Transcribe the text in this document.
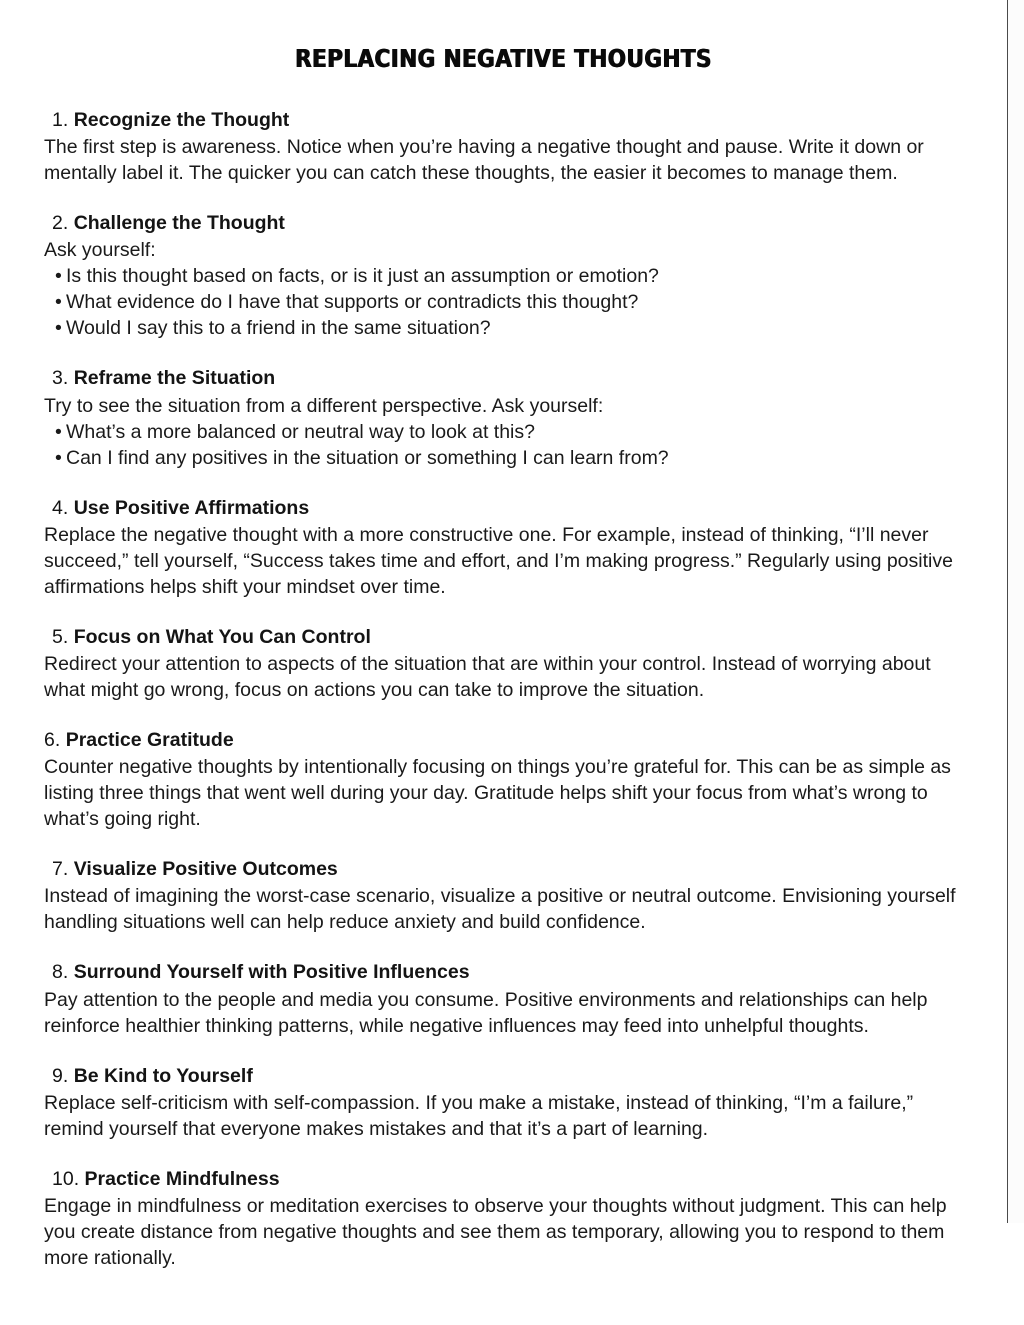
REPLACING NEGATIVE THOUGHTS
1. Recognize the Thought

The first step is awareness. Notice when you’re having a negative thought and pause. Write it down or mentally label it. The quicker you can catch these thoughts, the easier it becomes to manage them.

2. Challenge the Thought

Ask yourself:

• Is this thought based on facts, or is it just an assumption or emotion?
• What evidence do I have that supports or contradicts this thought?
• Would I say this to a friend in the same situation?
3. Reframe the Situation

Try to see the situation from a different perspective. Ask yourself:

• What’s a more balanced or neutral way to look at this?
• Can I find any positives in the situation or something I can learn from?
4. Use Positive Affirmations

Replace the negative thought with a more constructive one. For example, instead of thinking, “I’ll never succeed,” tell yourself, “Success takes time and effort, and I’m making progress.” Regularly using positive affirmations helps shift your mindset over time.

5. Focus on What You Can Control

Redirect your attention to aspects of the situation that are within your control. Instead of worrying about what might go wrong, focus on actions you can take to improve the situation.

6. Practice Gratitude

Counter negative thoughts by intentionally focusing on things you’re grateful for. This can be as simple as listing three things that went well during your day. Gratitude helps shift your focus from what’s wrong to what’s going right.

7. Visualize Positive Outcomes

Instead of imagining the worst-case scenario, visualize a positive or neutral outcome. Envisioning yourself handling situations well can help reduce anxiety and build confidence.

8. Surround Yourself with Positive Influences

Pay attention to the people and media you consume. Positive environments and relationships can help reinforce healthier thinking patterns, while negative influences may feed into unhelpful thoughts.

9. Be Kind to Yourself

Replace self-criticism with self-compassion. If you make a mistake, instead of thinking, “I’m a failure,” remind yourself that everyone makes mistakes and that it’s a part of learning.

10. Practice Mindfulness

Engage in mindfulness or meditation exercises to observe your thoughts without judgment. This can help you create distance from negative thoughts and see them as temporary, allowing you to respond to them more rationally.
